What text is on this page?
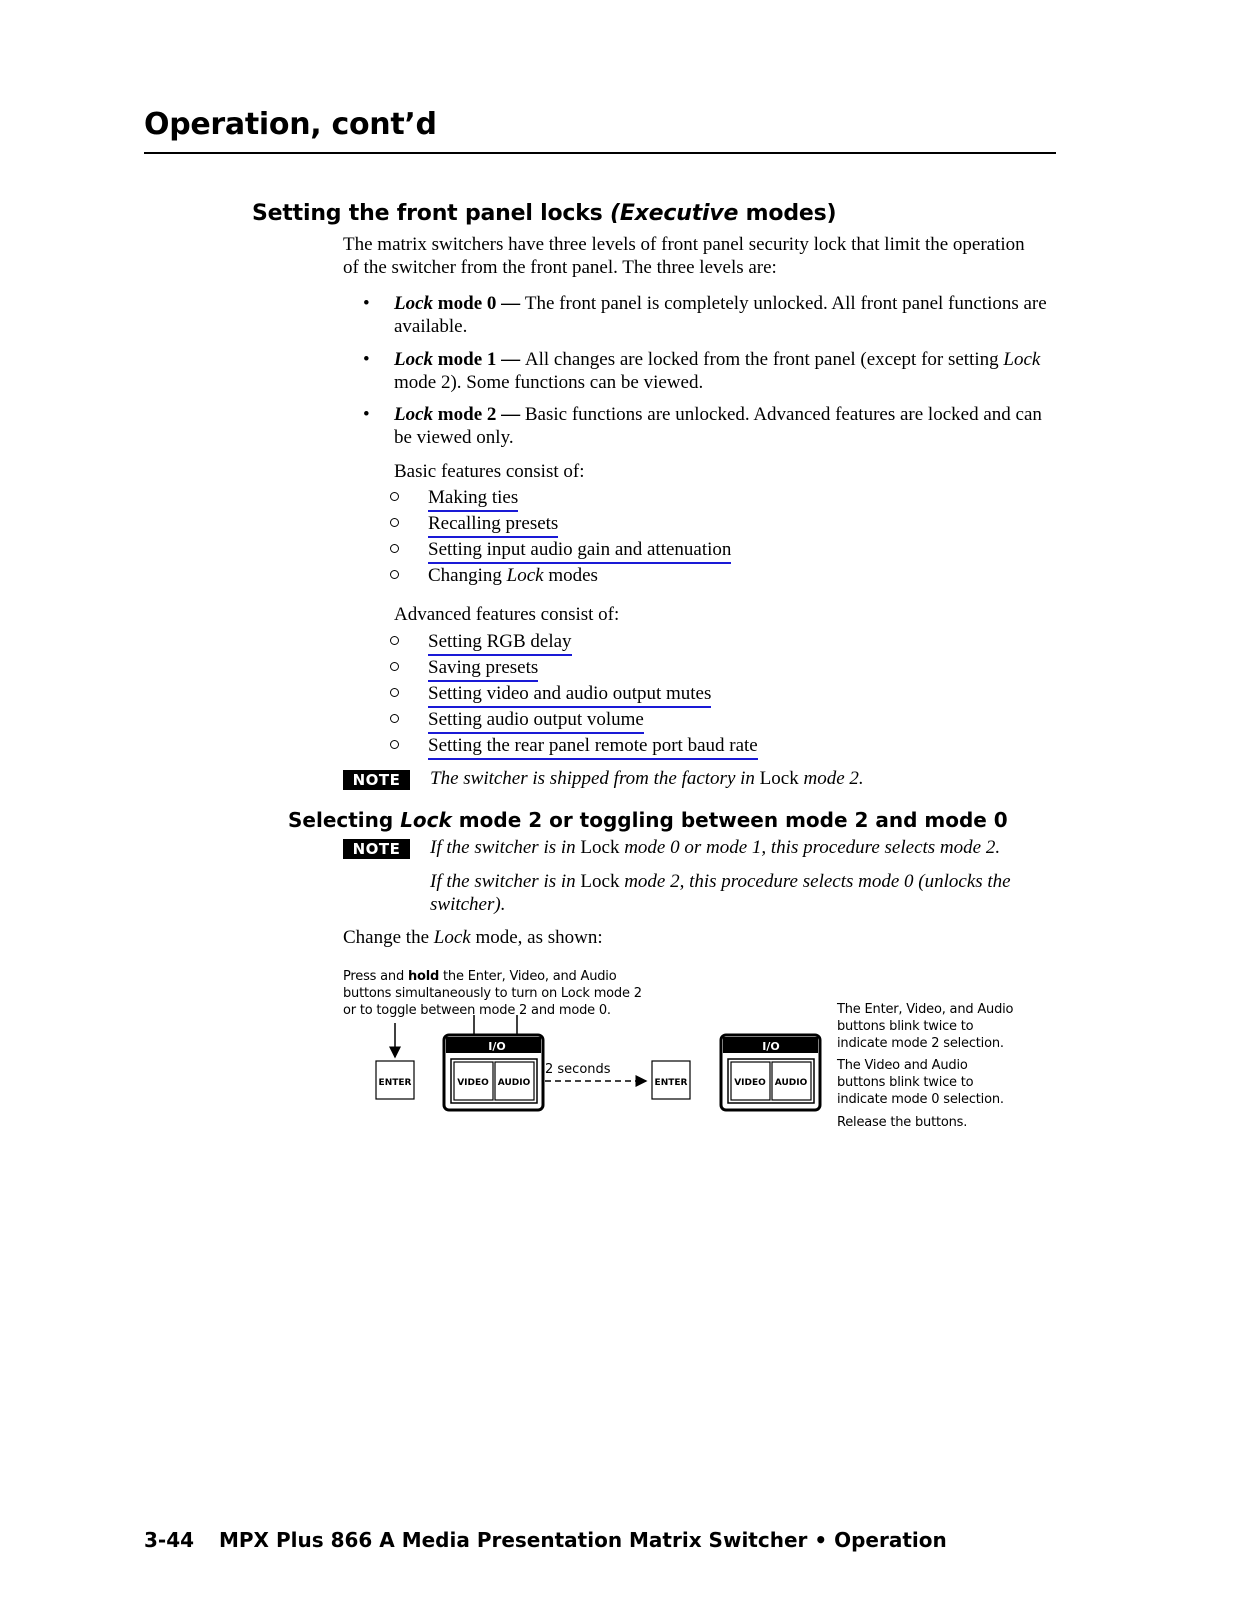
Operation, cont’d
Setting the front panel locks (Executive modes)
The matrix switchers have three levels of front panel security lock that limit the operation of the switcher from the front panel. The three levels are:
• Lock mode 0 — The front panel is completely unlocked. All front panel functions are available.
• Lock mode 1 — All changes are locked from the front panel (except for setting Lock mode 2). Some functions can be viewed.
• Lock mode 2 — Basic functions are unlocked. Advanced features are locked and can be viewed only.
Basic features consist of:
Making ties
Recalling presets
Setting input audio gain and attenuation
Changing Lock modes
Advanced features consist of:
Setting RGB delay
Saving presets
Setting video and audio output mutes
Setting audio output volume
Setting the rear panel remote port baud rate
NOTE	The switcher is shipped from the factory in Lock mode 2.
Selecting Lock mode 2 or toggling between mode 2 and mode 0
NOTE	If the switcher is in Lock mode 0 or mode 1, this procedure selects mode 2.
If the switcher is in Lock mode 2, this procedure selects mode 0 (unlocks the switcher).
Change the Lock mode, as shown:
Press and hold the Enter, Video, and Audio buttons simultaneously to turn on Lock mode 2 or to toggle between mode 2 and mode 0.	The Enter, Video, and Audio buttons blink twice to indicate mode 2 selection.
The Video and Audio buttons blink twice to indicate mode 0 selection.
Release the buttons.
ENTER
I/O
VIDEO AUDIO
2 seconds
ENTER
I/O
VIDEO AUDIO
3-44 MPX Plus 866 A Media Presentation Matrix Switcher • Operation
